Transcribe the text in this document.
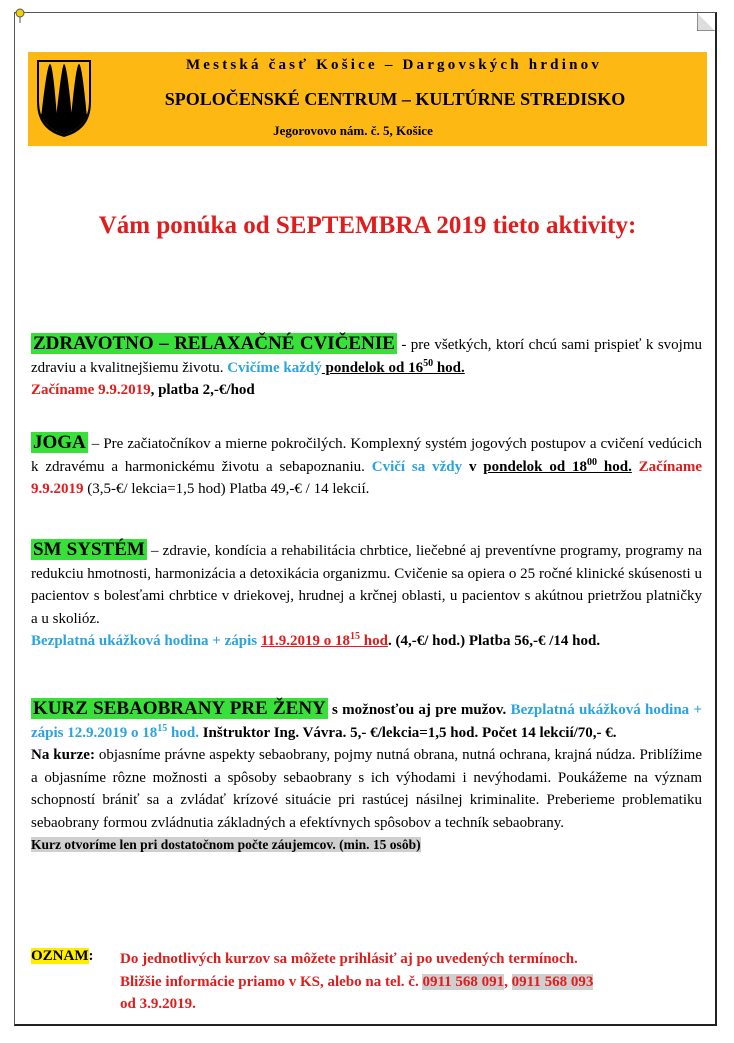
Mestská časť Košice – Dargovských hrdinov
SPOLOČENSKÉ CENTRUM – KULTÚRNE STREDISKO
Jegorovovo nám. č. 5, Košice
Vám ponúka od SEPTEMBRA 2019 tieto aktivity:
ZDRAVOTNO – RELAXAČNÉ CVIČENIE - pre všetkých, ktorí chcú sami prispieť k svojmu zdraviu a kvalitnejšiemu životu. Cvičíme každý pondelok od $16^{50}$ hod.
Začíname 9.9.2019, platba 2,-€/hod
JOGA – Pre začiatočníkov a mierne pokročilých. Komplexný systém jogových postupov a cvičení vedúcich k zdravému a harmonickému životu a sebapoznaniu. Cvičí sa vždy v pondelok od $18^{00}$ hod. Začíname 9.9.2019 (3,5-€/ lekcia=1,5 hod) Platba 49,-€ / 14 lekcií.
SM SYSTÉM – zdravie, kondícia a rehabilitácia chrbtice, liečebné aj preventívne programy, programy na redukciu hmotnosti, harmonizácia a detoxikácia organizmu. Cvičenie sa opiera o 25 ročné klinické skúsenosti u pacientov s bolesťami chrbtice v driekovej, hrudnej a krčnej oblasti, u pacientov s akútnou prietržou platničky a u skolióz.
Bezplatná ukážková hodina + zápis 11.9.2019 o $18^{15}$ hod. (4,-€/ hod.) Platba 56,-€ /14 hod.
KURZ SEBAOBRANY PRE ŽENY s možnosťou aj pre mužov. Bezplatná ukážková hodina + zápis 12.9.2019 o $18^{15}$ hod. Inštruktor Ing. Vávra. 5,- €/lekcia=1,5 hod. Počet 14 lekcií/70,- €.
Na kurze: objasníme právne aspekty sebaobrany, pojmy nutná obrana, nutná ochrana, krajná núdza. Priblížime a objasníme rôzne možnosti a spôsoby sebaobrany s ich výhodami i nevýhodami. Poukážeme na význam schopností brániť sa a zvládať krízové situácie pri rastúcej násilnej kriminalite. Preberieme problematiku sebaobrany formou zvládnutia základných a efektívnych spôsobov a techník sebaobrany.
Kurz otvoríme len pri dostatočnom počte záujemcov. (min. 15 osôb)
OZNAM: Do jednotlivých kurzov sa môžete prihlásiť aj po uvedených termínoch.
Bližšie informácie priamo v KS, alebo na tel. č. 0911 568 091, 0911 568 093
od 3.9.2019.
